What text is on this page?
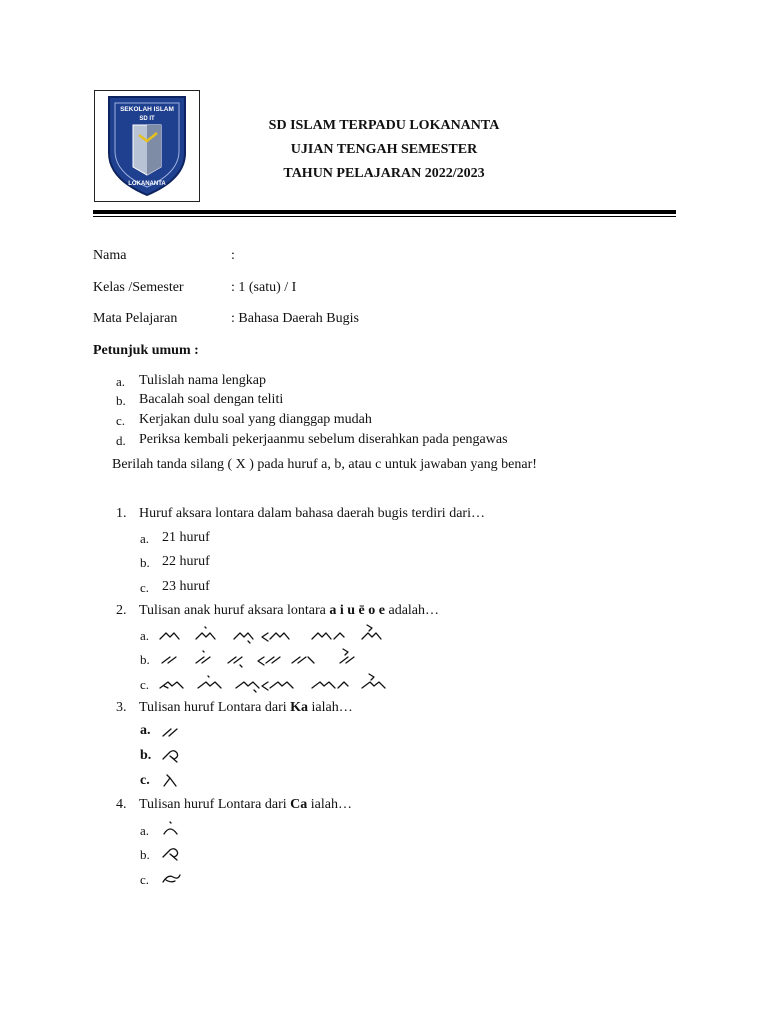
SEKOLAH ISLAM
SD IT
LOKANANTA
SD ISLAM TERPADU LOKANANTA
UJIAN TENGAH SEMESTER
TAHUN PELAJARAN 2022/2023
Nama	:
Kelas /Semester	: 1 (satu) / I
Mata Pelajaran	: Bahasa Daerah Bugis
Petunjuk umum :
a. Tulislah nama lengkap
b. Bacalah soal dengan teliti
c. Kerjakan dulu soal yang dianggap mudah
d. Periksa kembali pekerjaanmu sebelum diserahkan pada pengawas
Berilah tanda silang ( X ) pada huruf a, b, atau c untuk jawaban yang benar!
1. Huruf aksara lontara dalam bahasa daerah bugis terdiri dari…
a. 21 huruf
b. 22 huruf
c. 23 huruf
2. Tulisan anak huruf aksara lontara a i u ē o e adalah…
a.
b.
c.
3. Tulisan huruf Lontara dari Ka ialah…
a.
b.
c.
4. Tulisan huruf Lontara dari Ca ialah…
a.
b.
c.
